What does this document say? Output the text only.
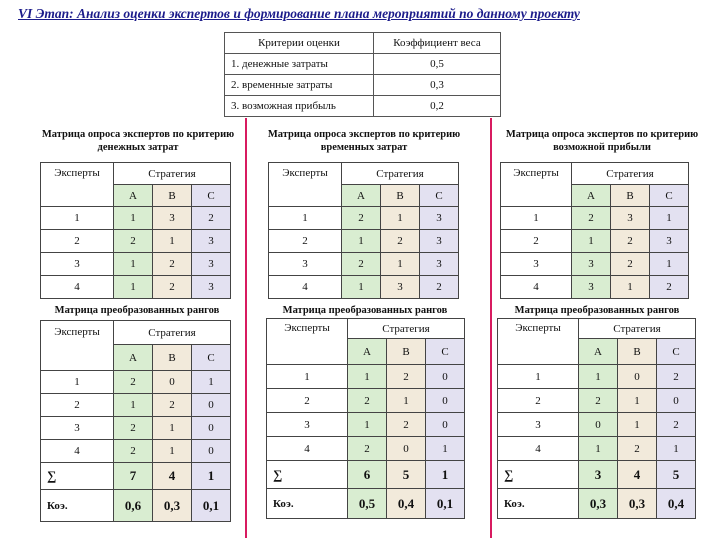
VI Этап: Анализ оценки экспертов и формирование плана мероприятий по данному проекту
Критерии оценки	Коэффициент веса
1. денежные затраты	0,5
2. временные затраты	0,3
3. возможная прибыль	0,2
Матрица опроса экспертов по критерию денежных затрат
Матрица опроса экспертов по критерию временных затрат
Матрица опроса экспертов по критерию возможной прибыли
Эксперты	Стратегия		
	A	B	C
1	1	3	2
2	2	1	3
3	1	2	3
4	1	2	3
Эксперты	Стратегия		
	A	B	C
1	2	1	3
2	1	2	3
3	2	1	3
4	1	3	2
Эксперты	Стратегия		
	A	B	C
1	2	3	1
2	1	2	3
3	3	2	1
4	3	1	2
Матрица преобразованных рангов	Матрица преобразованных рангов	Матрица преобразованных рангов
Эксперты	Стратегия		
	A	B	C
1	2	0	1
2	1	2	0
3	2	1	0
4	2	1	0
∑	7	4	1
Коэ.	0,6	0,3	0,1
Эксперты	Стратегия		
	A	B	C
1	1	2	0
2	2	1	0
3	1	2	0
4	2	0	1
∑	6	5	1
Коэ.	0,5	0,4	0,1
Эксперты	Стратегия		
	A	B	C
1	1	0	2
2	2	1	0
3	0	1	2
4	1	2	1
∑	3	4	5
Коэ.	0,3	0,3	0,4
